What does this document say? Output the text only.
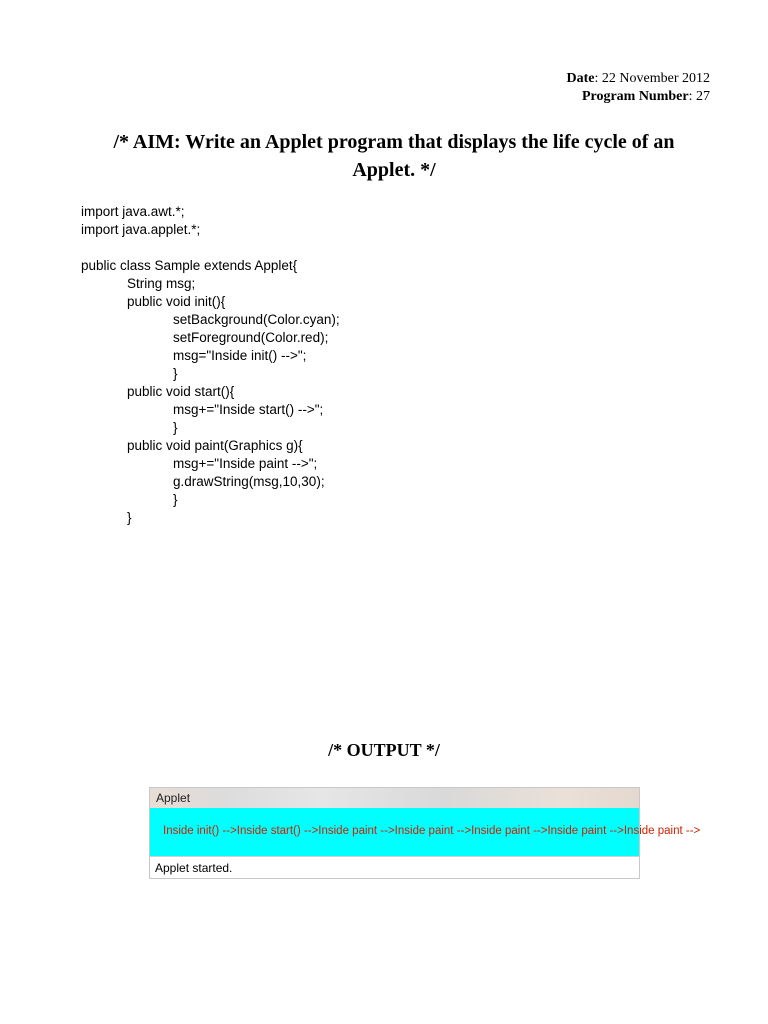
Date: 22 November 2012
Program Number: 27
/* AIM: Write an Applet program that displays the life cycle of an
Applet. */
import java.awt.*;
import java.applet.*;
public class Sample extends Applet{
String msg;
public void init(){
setBackground(Color.cyan);
setForeground(Color.red);
msg="Inside init() -->";
}
public void start(){
msg+="Inside start() -->";
}
public void paint(Graphics g){
msg+="Inside paint -->";
g.drawString(msg,10,30);
}
}
/* OUTPUT */
Applet
Inside init() -->Inside start() -->Inside paint -->Inside paint -->Inside paint -->Inside paint -->Inside paint -->
Applet started.
